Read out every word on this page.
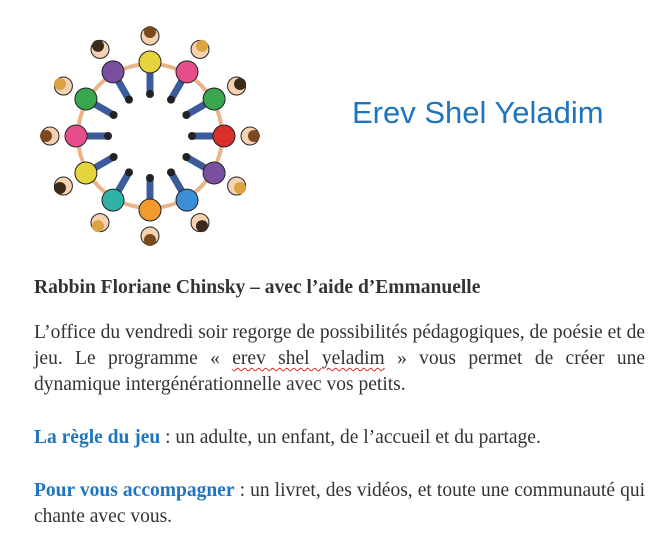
Erev Shel Yeladim
Rabbin Floriane Chinsky – avec l’aide d’Emmanuelle
L’office du vendredi soir regorge de possibilités pédagogiques, de poésie et de jeu. Le programme « erev shel yeladim » vous permet de créer une dynamique intergénérationnelle avec vos petits.
La règle du jeu : un adulte, un enfant, de l’accueil et du partage.
Pour vous accompagner : un livret, des vidéos, et toute une communauté qui chante avec vous.
